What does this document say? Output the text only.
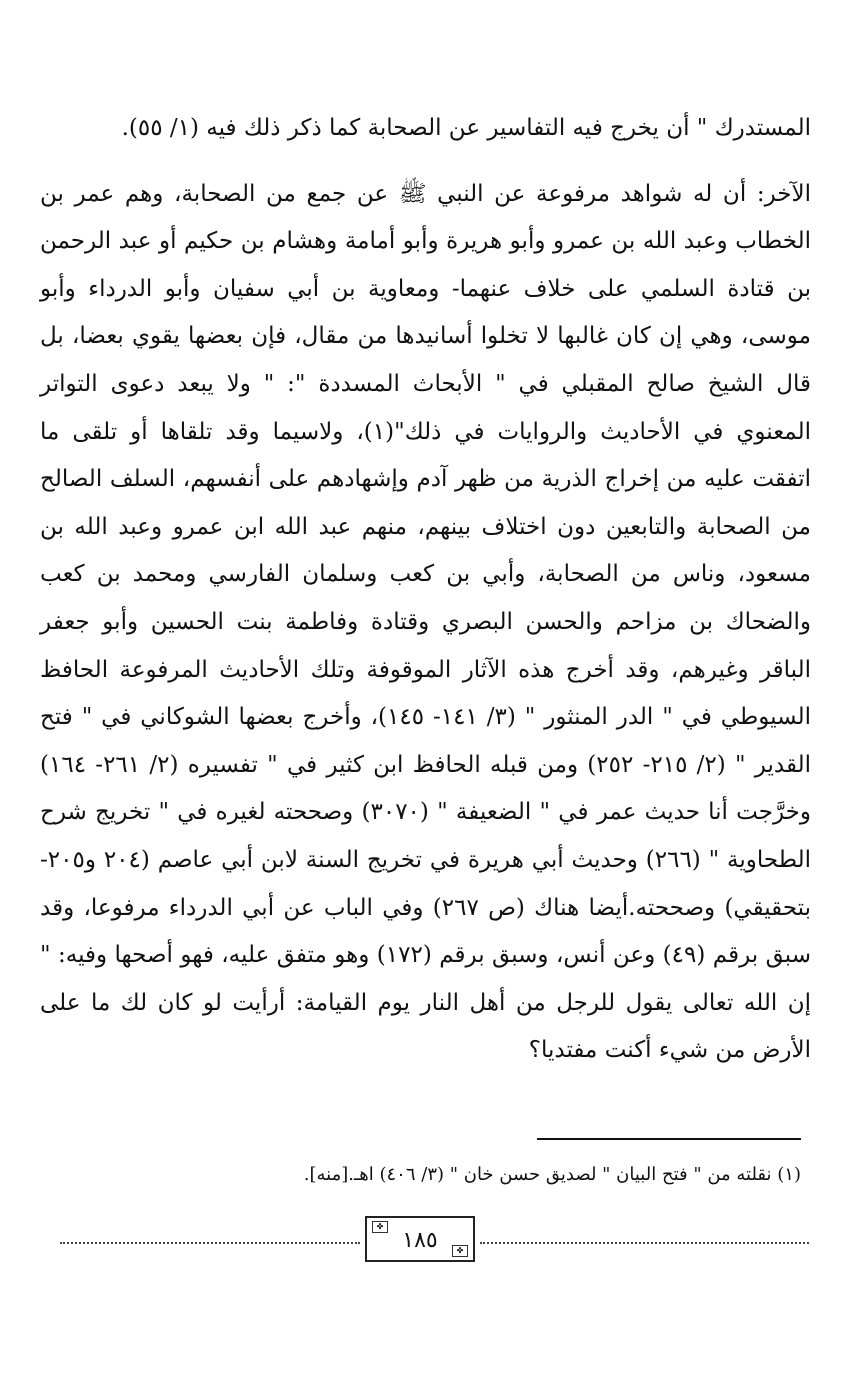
المستدرك " أن يخرج فيه التفاسير عن الصحابة كما ذكر ذلك فيه (١/ ٥٥).

الآخر: أن له شواهد مرفوعة عن النبي ﷺ عن جمع من الصحابة، وهم عمر بن الخطاب وعبد الله بن عمرو وأبو هريرة وأبو أمامة وهشام بن حكيم أو عبد الرحمن بن قتادة السلمي على خلاف عنهما- ومعاوية بن أبي سفيان وأبو الدرداء وأبو موسى، وهي إن كان غالبها لا تخلوا أسانيدها من مقال، فإن بعضها يقوي بعضا، بل قال الشيخ صالح المقبلي في " الأبحاث المسددة ": " ولا يبعد دعوى التواتر المعنوي في الأحاديث والروايات في ذلك"(١)، ولاسيما وقد تلقاها أو تلقى ما اتفقت عليه من إخراج الذرية من ظهر آدم وإشهادهم على أنفسهم، السلف الصالح من الصحابة والتابعين دون اختلاف بينهم، منهم عبد الله ابن عمرو وعبد الله بن مسعود، وناس من الصحابة، وأبي بن كعب وسلمان الفارسي ومحمد بن كعب والضحاك بن مزاحم والحسن البصري وقتادة وفاطمة بنت الحسين وأبو جعفر الباقر وغيرهم، وقد أخرج هذه الآثار الموقوفة وتلك الأحاديث المرفوعة الحافظ السيوطي في " الدر المنثور " (٣/ ١٤١- ١٤٥)، وأخرج بعضها الشوكاني في " فتح القدير " (٢/ ٢١٥- ٢٥٢) ومن قبله الحافظ ابن كثير في " تفسيره (٢/ ٢٦١- ١٦٤) وخرَّجت أنا حديث عمر في " الضعيفة " (٣٠٧٠) وصححته لغيره في " تخريج شرح الطحاوية " (٢٦٦) وحديث أبي هريرة في تخريج السنة لابن أبي عاصم (٢٠٤ و٢٠٥- بتحقيقي) وصححته.أيضا هناك (ص ٢٦٧) وفي الباب عن أبي الدرداء مرفوعا، وقد سبق برقم (٤٩) وعن أنس، وسبق برقم (١٧٢) وهو متفق عليه، فهو أصحها وفيه: " إن الله تعالى يقول للرجل من أهل النار يوم القيامة: أرأيت لو كان لك ما على الأرض من شيء أكنت مفتديا؟

(١) نقلته من " فتح البيان " لصديق حسن خان " (٣/ ٤٠٦) اهـ.[منه].
✤
١٨٥	✤
